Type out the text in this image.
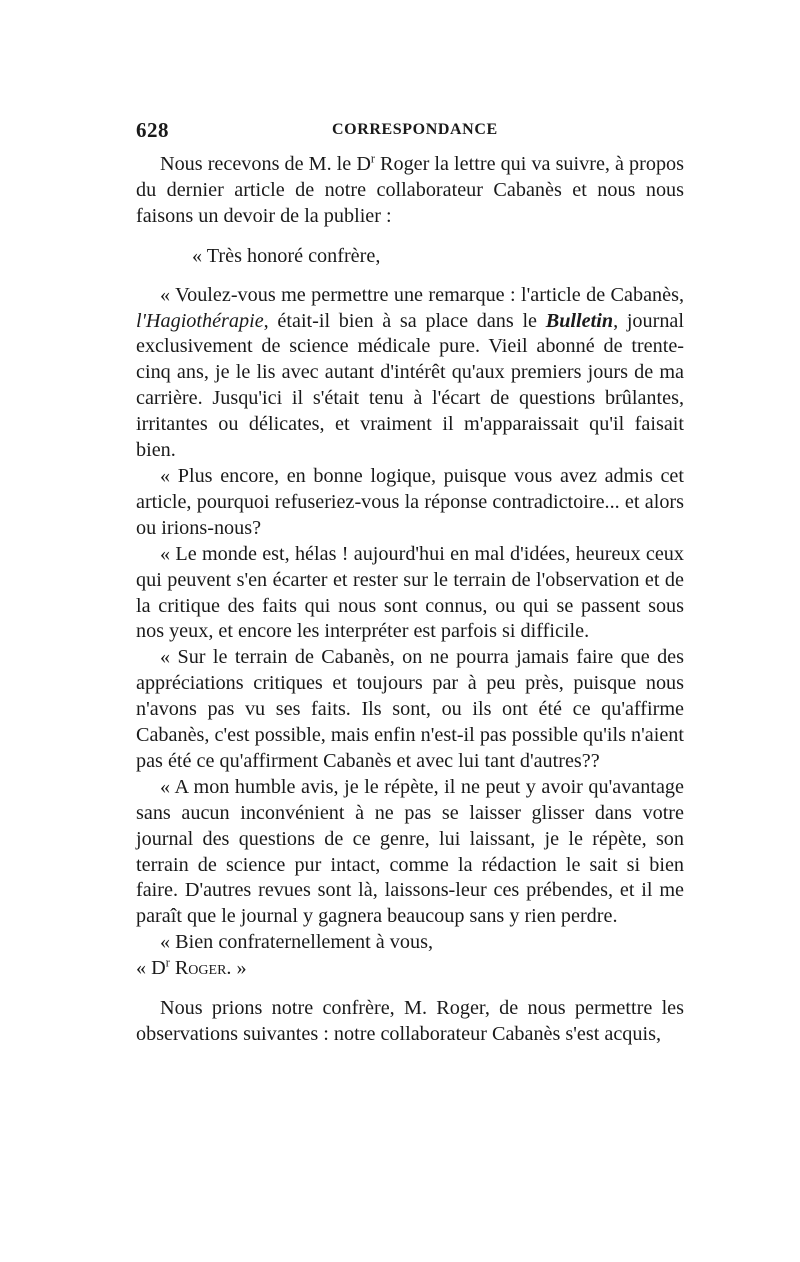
628	CORRESPONDANCE

Nous recevons de M. le $D^r$ Roger la lettre qui va suivre, à propos du dernier article de notre collaborateur Cabanès et nous nous faisons un devoir de la publier :

« Très honoré confrère,

« Voulez-vous me permettre une remarque : l'article de Cabanès, l'Hagiothérapie, était-il bien à sa place dans le Bulletin, journal exclusivement de science médicale pure. Vieil abonné de trente-cinq ans, je le lis avec autant d'intérêt qu'aux premiers jours de ma carrière. Jusqu'ici il s'était tenu à l'écart de questions brûlantes, irritantes ou délicates, et vraiment il m'apparaissait qu'il faisait bien.

« Plus encore, en bonne logique, puisque vous avez admis cet article, pourquoi refuseriez-vous la réponse contradictoire... et alors ou irions-nous?

« Le monde est, hélas ! aujourd'hui en mal d'idées, heureux ceux qui peuvent s'en écarter et rester sur le terrain de l'observation et de la critique des faits qui nous sont connus, ou qui se passent sous nos yeux, et encore les interpréter est parfois si difficile.

« Sur le terrain de Cabanès, on ne pourra jamais faire que des appréciations critiques et toujours par à peu près, puisque nous n'avons pas vu ses faits. Ils sont, ou ils ont été ce qu'affirme Cabanès, c'est possible, mais enfin n'est-il pas possible qu'ils n'aient pas été ce qu'affirment Cabanès et avec lui tant d'autres??

« A mon humble avis, je le répète, il ne peut y avoir qu'avantage sans aucun inconvénient à ne pas se laisser glisser dans votre journal des questions de ce genre, lui laissant, je le répète, son terrain de science pur intact, comme la rédaction le sait si bien faire. D'autres revues sont là, laissons-leur ces prébendes, et il me paraît que le journal y gagnera beaucoup sans y rien perdre.

« Bien confraternellement à vous,

« $D^r$ Roger. »

Nous prions notre confrère, M. Roger, de nous permettre les observations suivantes : notre collaborateur Cabanès s'est acquis,
